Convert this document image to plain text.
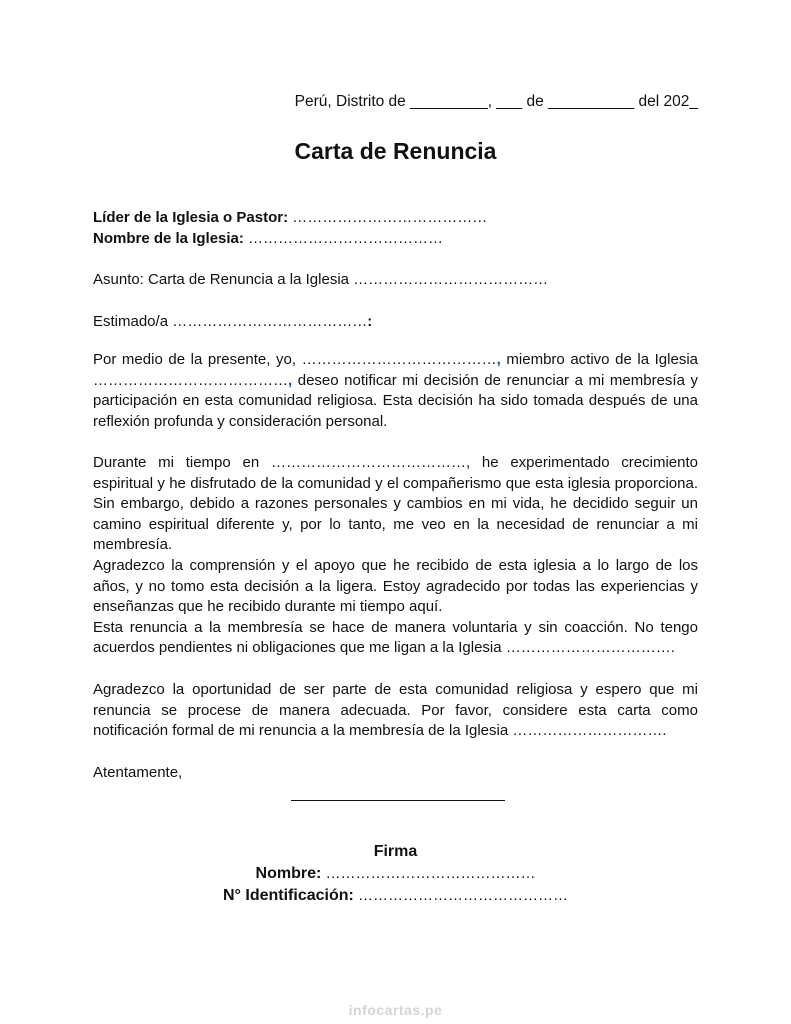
Perú, Distrito de _________, ___ de __________ del 202_
Carta de Renuncia
Líder de la Iglesia o Pastor: …………………………………
Nombre de la Iglesia: …………………………………
Asunto: Carta de Renuncia a la Iglesia …………………………………
Estimado/a …………………………………:

Por medio de la presente, yo, …………………………………, miembro activo de la Iglesia …………………………………, deseo notificar mi decisión de renunciar a mi membresía y participación en esta comunidad religiosa. Esta decisión ha sido tomada después de una reflexión profunda y consideración personal.

Durante mi tiempo en …………………………………, he experimentado crecimiento espiritual y he disfrutado de la comunidad y el compañerismo que esta iglesia proporciona. Sin embargo, debido a razones personales y cambios en mi vida, he decidido seguir un camino espiritual diferente y, por lo tanto, me veo en la necesidad de renunciar a mi membresía.

Agradezco la comprensión y el apoyo que he recibido de esta iglesia a lo largo de los años, y no tomo esta decisión a la ligera. Estoy agradecido por todas las experiencias y enseñanzas que he recibido durante mi tiempo aquí.

Esta renuncia a la membresía se hace de manera voluntaria y sin coacción. No tengo acuerdos pendientes ni obligaciones que me ligan a la Iglesia …………………………….

Agradezco la oportunidad de ser parte de esta comunidad religiosa y espero que mi renuncia se procese de manera adecuada. Por favor, considere esta carta como notificación formal de mi renuncia a la membresía de la Iglesia ………………………….
Atentamente,
Firma
Nombre: ……………………………………
N° Identificación: ……………………………………
infocartas.pe
